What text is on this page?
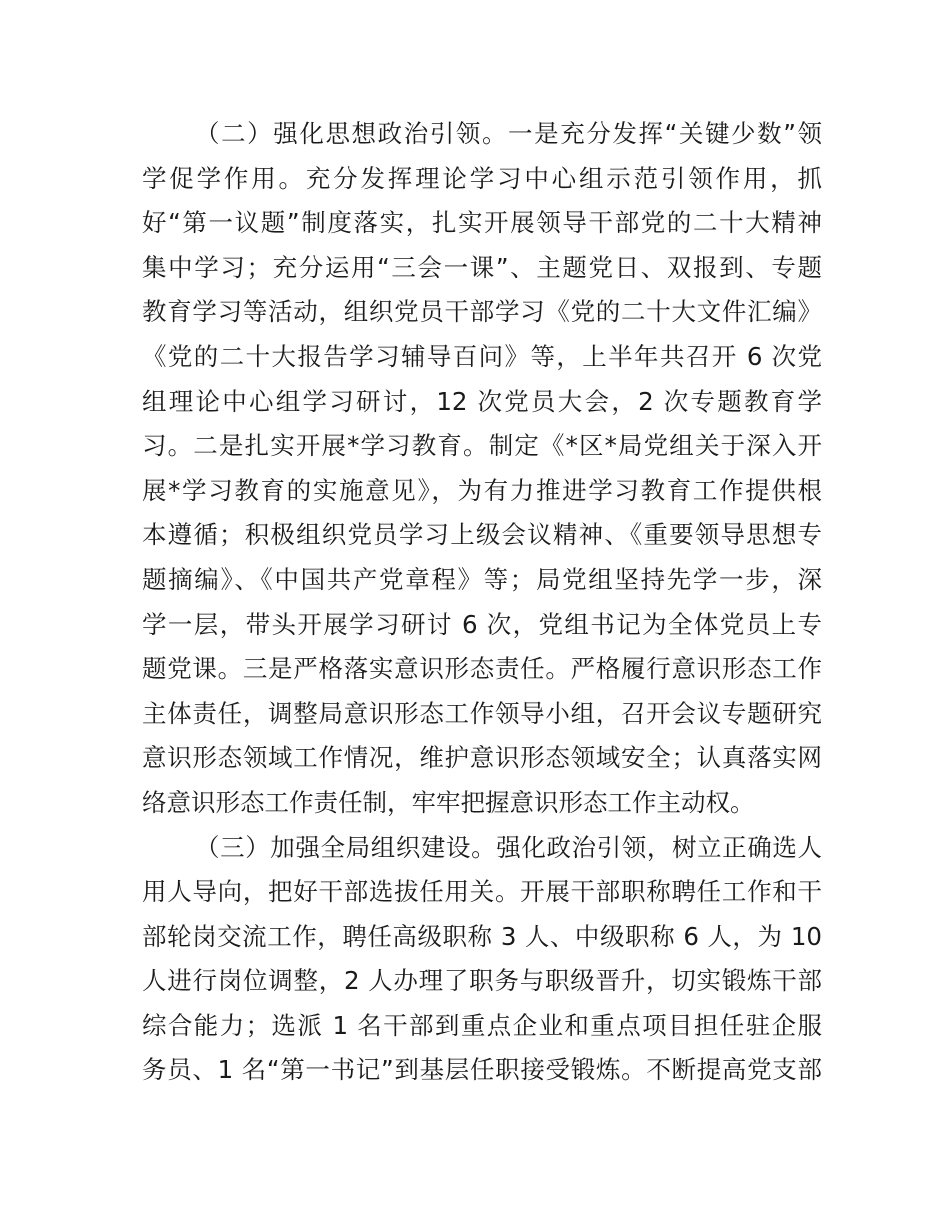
（二）强化思想政治引领。一是充分发挥“关键少数”领
学促学作用。充分发挥理论学习中心组示范引领作用，抓
好“第一议题”制度落实，扎实开展领导干部党的二十大精神
集中学习；充分运用“三会一课”、主题党日、双报到、专题
教育学习等活动，组织党员干部学习《党的二十大文件汇编》
《党的二十大报告学习辅导百问》等，上半年共召开 6 次党
组理论中心组学习研讨，12 次党员大会，2 次专题教育学
习。二是扎实开展*学习教育。制定《*区*局党组关于深入开
展*学习教育的实施意见》，为有力推进学习教育工作提供根
本遵循；积极组织党员学习上级会议精神、《重要领导思想专
题摘编》、《中国共产党章程》等；局党组坚持先学一步，深
学一层，带头开展学习研讨 6 次，党组书记为全体党员上专
题党课。三是严格落实意识形态责任。严格履行意识形态工作
主体责任，调整局意识形态工作领导小组，召开会议专题研究
意识形态领域工作情况，维护意识形态领域安全；认真落实网
络意识形态工作责任制，牢牢把握意识形态工作主动权。
（三）加强全局组织建设。强化政治引领，树立正确选人
用人导向，把好干部选拔任用关。开展干部职称聘任工作和干
部轮岗交流工作，聘任高级职称 3 人、中级职称 6 人，为 10
人进行岗位调整，2 人办理了职务与职级晋升，切实锻炼干部
综合能力；选派 1 名干部到重点企业和重点项目担任驻企服
务员、1 名“第一书记”到基层任职接受锻炼。不断提高党支部
